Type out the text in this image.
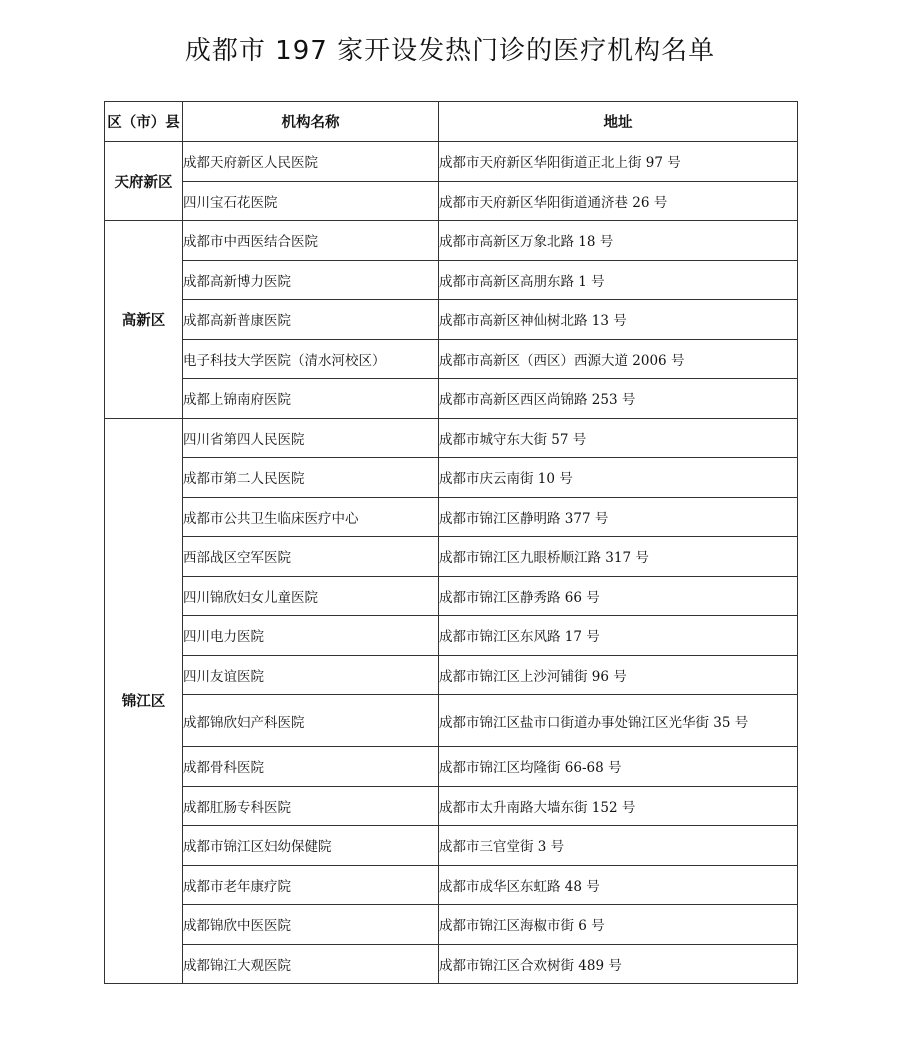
成都市 197 家开设发热门诊的医疗机构名单
区（市）县	机构名称	地址
天府新区	成都天府新区人民医院	成都市天府新区华阳街道正北上街 97 号
	四川宝石花医院	成都市天府新区华阳街道通济巷 26 号
高新区	成都市中西医结合医院	成都市高新区万象北路 18 号
	成都高新博力医院	成都市高新区高朋东路 1 号
	成都高新普康医院	成都市高新区神仙树北路 13 号
	电子科技大学医院（清水河校区）	成都市高新区（西区）西源大道 2006 号
	成都上锦南府医院	成都市高新区西区尚锦路 253 号
锦江区	四川省第四人民医院	成都市城守东大街 57 号
	成都市第二人民医院	成都市庆云南街 10 号
	成都市公共卫生临床医疗中心	成都市锦江区静明路 377 号
	西部战区空军医院	成都市锦江区九眼桥顺江路 317 号
	四川锦欣妇女儿童医院	成都市锦江区静秀路 66 号
	四川电力医院	成都市锦江区东风路 17 号
	四川友谊医院	成都市锦江区上沙河铺街 96 号
	成都锦欣妇产科医院	成都市锦江区盐市口街道办事处锦江区光华街 35 号
	成都骨科医院	成都市锦江区均隆街 66-68 号
	成都肛肠专科医院	成都市太升南路大墙东街 152 号
	成都市锦江区妇幼保健院	成都市三官堂街 3 号
	成都市老年康疗院	成都市成华区东虹路 48 号
	成都锦欣中医医院	成都市锦江区海椒市街 6 号
	成都锦江大观医院	成都市锦江区合欢树街 489 号
